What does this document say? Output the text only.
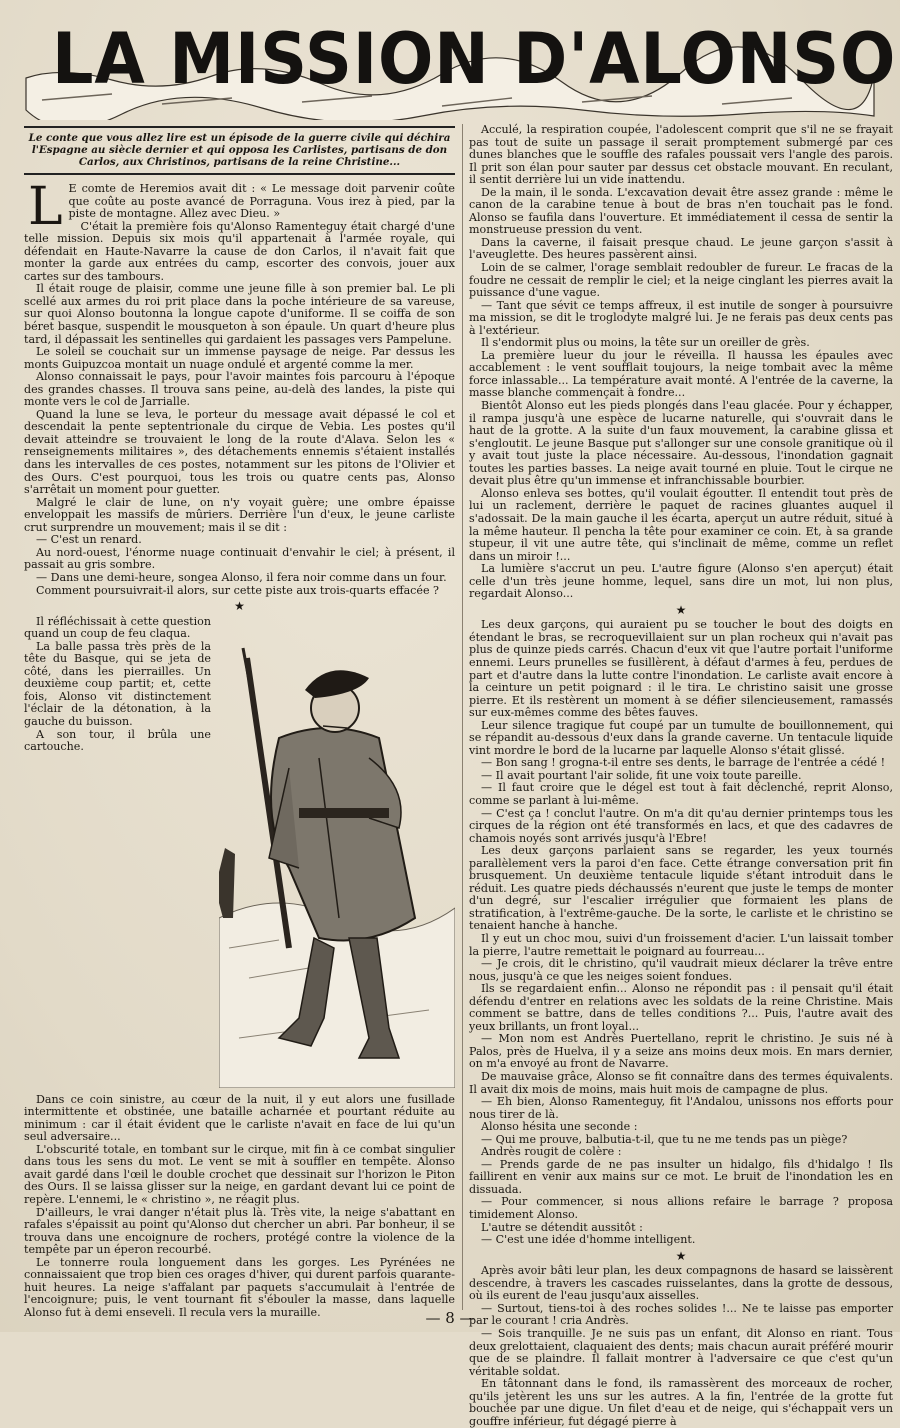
LA MISSION D'ALONSO
Le conte que vous allez lire est un épisode de la guerre civile qui déchira l'Espagne au siècle dernier et qui opposa les Carlistes, partisans de don Carlos, aux Christinos, partisans de la reine Christine...
L E comte de Heremios avait dit : « Le message doit parvenir coûte que coûte au poste avancé de Porraguna. Vous irez à pied, par la piste de montagne. Allez avec Dieu. »

C'était la première fois qu'Alonso Ramenteguy était chargé d'une telle mission. Depuis six mois qu'il appartenait à l'armée royale, qui défendait en Haute-Navarre la cause de don Carlos, il n'avait fait que monter la garde aux entrées du camp, escorter des convois, jouer aux cartes sur des tambours.

Il était rouge de plaisir, comme une jeune fille à son premier bal. Le pli scellé aux armes du roi prit place dans la poche intérieure de sa vareuse, sur quoi Alonso boutonna la longue capote d'uniforme. Il se coiffa de son béret basque, suspendit le mousqueton à son épaule. Un quart d'heure plus tard, il dépassait les sentinelles qui gardaient les passages vers Pampelune.

Le soleil se couchait sur un immense paysage de neige. Par dessus les monts Guipuzcoa montait un nuage ondulé et argenté comme la mer.

Alonso connaissait le pays, pour l'avoir maintes fois parcouru à l'époque des grandes chasses. Il trouva sans peine, au-delà des landes, la piste qui monte vers le col de Jarrialle.

Quand la lune se leva, le porteur du message avait dépassé le col et descendait la pente septentrionale du cirque de Vebia. Les postes qu'il devait atteindre se trouvaient le long de la route d'Alava. Selon les « renseignements militaires », des détachements ennemis s'étaient installés dans les intervalles de ces postes, notamment sur les pitons de l'Olivier et des Ours. C'est pourquoi, tous les trois ou quatre cents pas, Alonso s'arrêtait un moment pour guetter.

Malgré le clair de lune, on n'y voyait guère; une ombre épaisse enveloppait les massifs de mûriers. Derrière l'un d'eux, le jeune carliste crut surprendre un mouvement; mais il se dit :

— C'est un renard.

Au nord-ouest, l'énorme nuage continuait d'envahir le ciel; à présent, il passait au gris sombre.

— Dans une demi-heure, songea Alonso, il fera noir comme dans un four.

Comment poursuivrait-il alors, sur cette piste aux trois-quarts effacée ?

★

Il réfléchissait à cette question quand un coup de feu claqua.

La balle passa très près de la tête du Basque, qui se jeta de côté, dans les pierrailles. Un deuxième coup partit; et, cette fois, Alonso vit distinctement l'éclair de la détonation, à la gauche du buisson.

A son tour, il brûla une cartouche.

Dans ce coin sinistre, au cœur de la nuit, il y eut alors une fusillade intermittente et obstinée, une bataille acharnée et pourtant réduite au minimum : car il était évident que le carliste n'avait en face de lui qu'un seul adversaire...

L'obscurité totale, en tombant sur le cirque, mit fin à ce combat singulier dans tous les sens du mot. Le vent se mit à souffler en tempête. Alonso avait gardé dans l'œil le double crochet que dessinait sur l'horizon le Piton des Ours. Il se laissa glisser sur la neige, en gardant devant lui ce point de repère. L'ennemi, le « christino », ne réagit plus.

D'ailleurs, le vrai danger n'était plus là. Très vite, la neige s'abattant en rafales s'épaissit au point qu'Alonso dut chercher un abri. Par bonheur, il se trouva dans une encoignure de rochers, protégé contre la violence de la tempête par un éperon recourbé.

Le tonnerre roula longuement dans les gorges. Les Pyrénées ne connaissaient que trop bien ces orages d'hiver, qui durent parfois quarante-huit heures. La neige s'affalant par paquets s'accumulait à l'entrée de l'encoignure; puis, le vent tournant fit s'ébouler la masse, dans laquelle Alonso fut à demi enseveli. Il recula vers la muraille.

Acculé, la respiration coupée, l'adolescent comprit que s'il ne se frayait pas tout de suite un passage il serait promptement submergé par ces dunes blanches que le souffle des rafales poussait vers l'angle des parois. Il prit son élan pour sauter par dessus cet obstacle mouvant. En reculant, il sentit derrière lui un vide inattendu.

De la main, il le sonda. L'excavation devait être assez grande : même le canon de la carabine tenue à bout de bras n'en touchait pas le fond. Alonso se faufila dans l'ouverture. Et immédiatement il cessa de sentir la monstrueuse pression du vent.

Dans la caverne, il faisait presque chaud. Le jeune garçon s'assit à l'aveuglette. Des heures passèrent ainsi.

Loin de se calmer, l'orage semblait redoubler de fureur. Le fracas de la foudre ne cessait de remplir le ciel; et la neige cinglant les pierres avait la puissance d'une vague.

— Tant que sévit ce temps affreux, il est inutile de songer à poursuivre ma mission, se dit le troglodyte malgré lui. Je ne ferais pas deux cents pas à l'extérieur.

Il s'endormit plus ou moins, la tête sur un oreiller de grès.

La première lueur du jour le réveilla. Il haussa les épaules avec accablement : le vent soufflait toujours, la neige tombait avec la même force inlassable... La température avait monté. A l'entrée de la caverne, la masse blanche commençait à fondre...

Bientôt Alonso eut les pieds plongés dans l'eau glacée. Pour y échapper, il rampa jusqu'à une espèce de lucarne naturelle, qui s'ouvrait dans le haut de la grotte. A la suite d'un faux mouvement, la carabine glissa et s'engloutit. Le jeune Basque put s'allonger sur une console granitique où il y avait tout juste la place nécessaire. Au-dessous, l'inondation gagnait toutes les parties basses. La neige avait tourné en pluie. Tout le cirque ne devait plus être qu'un immense et infranchissable bourbier.

Alonso enleva ses bottes, qu'il voulait égoutter. Il entendit tout près de lui un raclement, derrière le paquet de racines gluantes auquel il s'adossait. De la main gauche il les écarta, aperçut un autre réduit, situé à la même hauteur. Il pencha la tête pour examiner ce coin. Et, à sa grande stupeur, il vit une autre tête, qui s'inclinait de même, comme un reflet dans un miroir !...

La lumière s'accrut un peu. L'autre figure (Alonso s'en aperçut) était celle d'un très jeune homme, lequel, sans dire un mot, lui non plus, regardait Alonso...

★

Les deux garçons, qui auraient pu se toucher le bout des doigts en étendant le bras, se recroquevillaient sur un plan rocheux qui n'avait pas plus de quinze pieds carrés. Chacun d'eux vit que l'autre portait l'uniforme ennemi. Leurs prunelles se fusillèrent, à défaut d'armes à feu, perdues de part et d'autre dans la lutte contre l'inondation. Le carliste avait encore à la ceinture un petit poignard : il le tira. Le christino saisit une grosse pierre. Et ils restèrent un moment à se défier silencieusement, ramassés sur eux-mêmes comme des bêtes fauves.

Leur silence tragique fut coupé par un tumulte de bouillonnement, qui se répandit au-dessous d'eux dans la grande caverne. Un tentacule liquide vint mordre le bord de la lucarne par laquelle Alonso s'était glissé.

— Bon sang ! grogna-t-il entre ses dents, le barrage de l'entrée a cédé !

— Il avait pourtant l'air solide, fit une voix toute pareille.

— Il faut croire que le dégel est tout à fait déclenché, reprit Alonso, comme se parlant à lui-même.

— C'est ça ! conclut l'autre. On m'a dit qu'au dernier printemps tous les cirques de la région ont été transformés en lacs, et que des cadavres de chamois noyés sont arrivés jusqu'à l'Ebre!

Les deux garçons parlaient sans se regarder, les yeux tournés parallèlement vers la paroi d'en face. Cette étrange conversation prit fin brusquement. Un deuxième tentacule liquide s'étant introduit dans le réduit. Les quatre pieds déchaussés n'eurent que juste le temps de monter d'un degré, sur l'escalier irrégulier que formaient les plans de stratification, à l'extrême-gauche. De la sorte, le carliste et le christino se tenaient hanche à hanche.

Il y eut un choc mou, suivi d'un froissement d'acier. L'un laissait tomber la pierre, l'autre remettait le poignard au fourreau...

— Je crois, dit le christino, qu'il vaudrait mieux déclarer la trêve entre nous, jusqu'à ce que les neiges soient fondues.

Ils se regardaient enfin... Alonso ne répondit pas : il pensait qu'il était défendu d'entrer en relations avec les soldats de la reine Christine. Mais comment se battre, dans de telles conditions ?... Puis, l'autre avait des yeux brillants, un front loyal...

— Mon nom est Andrès Puertellano, reprit le christino. Je suis né à Palos, près de Huelva, il y a seize ans moins deux mois. En mars dernier, on m'a envoyé au front de Navarre.

De mauvaise grâce, Alonso se fit connaître dans des termes équivalents. Il avait dix mois de moins, mais huit mois de campagne de plus.

— Eh bien, Alonso Ramenteguy, fit l'Andalou, unissons nos efforts pour nous tirer de là.

Alonso hésita une seconde :

— Qui me prouve, balbutia-t-il, que tu ne me tends pas un piège?

Andrès rougit de colère :

— Prends garde de ne pas insulter un hidalgo, fils d'hidalgo ! Ils faillirent en venir aux mains sur ce mot. Le bruit de l'inondation les en dissuada.

— Pour commencer, si nous allions refaire le barrage ? proposa timidement Alonso.

L'autre se détendit aussitôt :

— C'est une idée d'homme intelligent.

★

Après avoir bâti leur plan, les deux compagnons de hasard se laissèrent descendre, à travers les cascades ruisselantes, dans la grotte de dessous, où ils eurent de l'eau jusqu'aux aisselles.

— Surtout, tiens-toi à des roches solides !... Ne te laisse pas emporter par le courant ! cria Andrès.

— Sois tranquille. Je ne suis pas un enfant, dit Alonso en riant. Tous deux grelottaient, claquaient des dents; mais chacun aurait préféré mourir que de se plaindre. Il fallait montrer à l'adversaire ce que c'est qu'un véritable soldat.

En tâtonnant dans le fond, ils ramassèrent des morceaux de rocher, qu'ils jetèrent les uns sur les autres. A la fin, l'entrée de la grotte fut bouchée par une digue. Un filet d'eau et de neige, qui s'échappait vers un gouffre inférieur, fut dégagé pierre à

— 8 —
